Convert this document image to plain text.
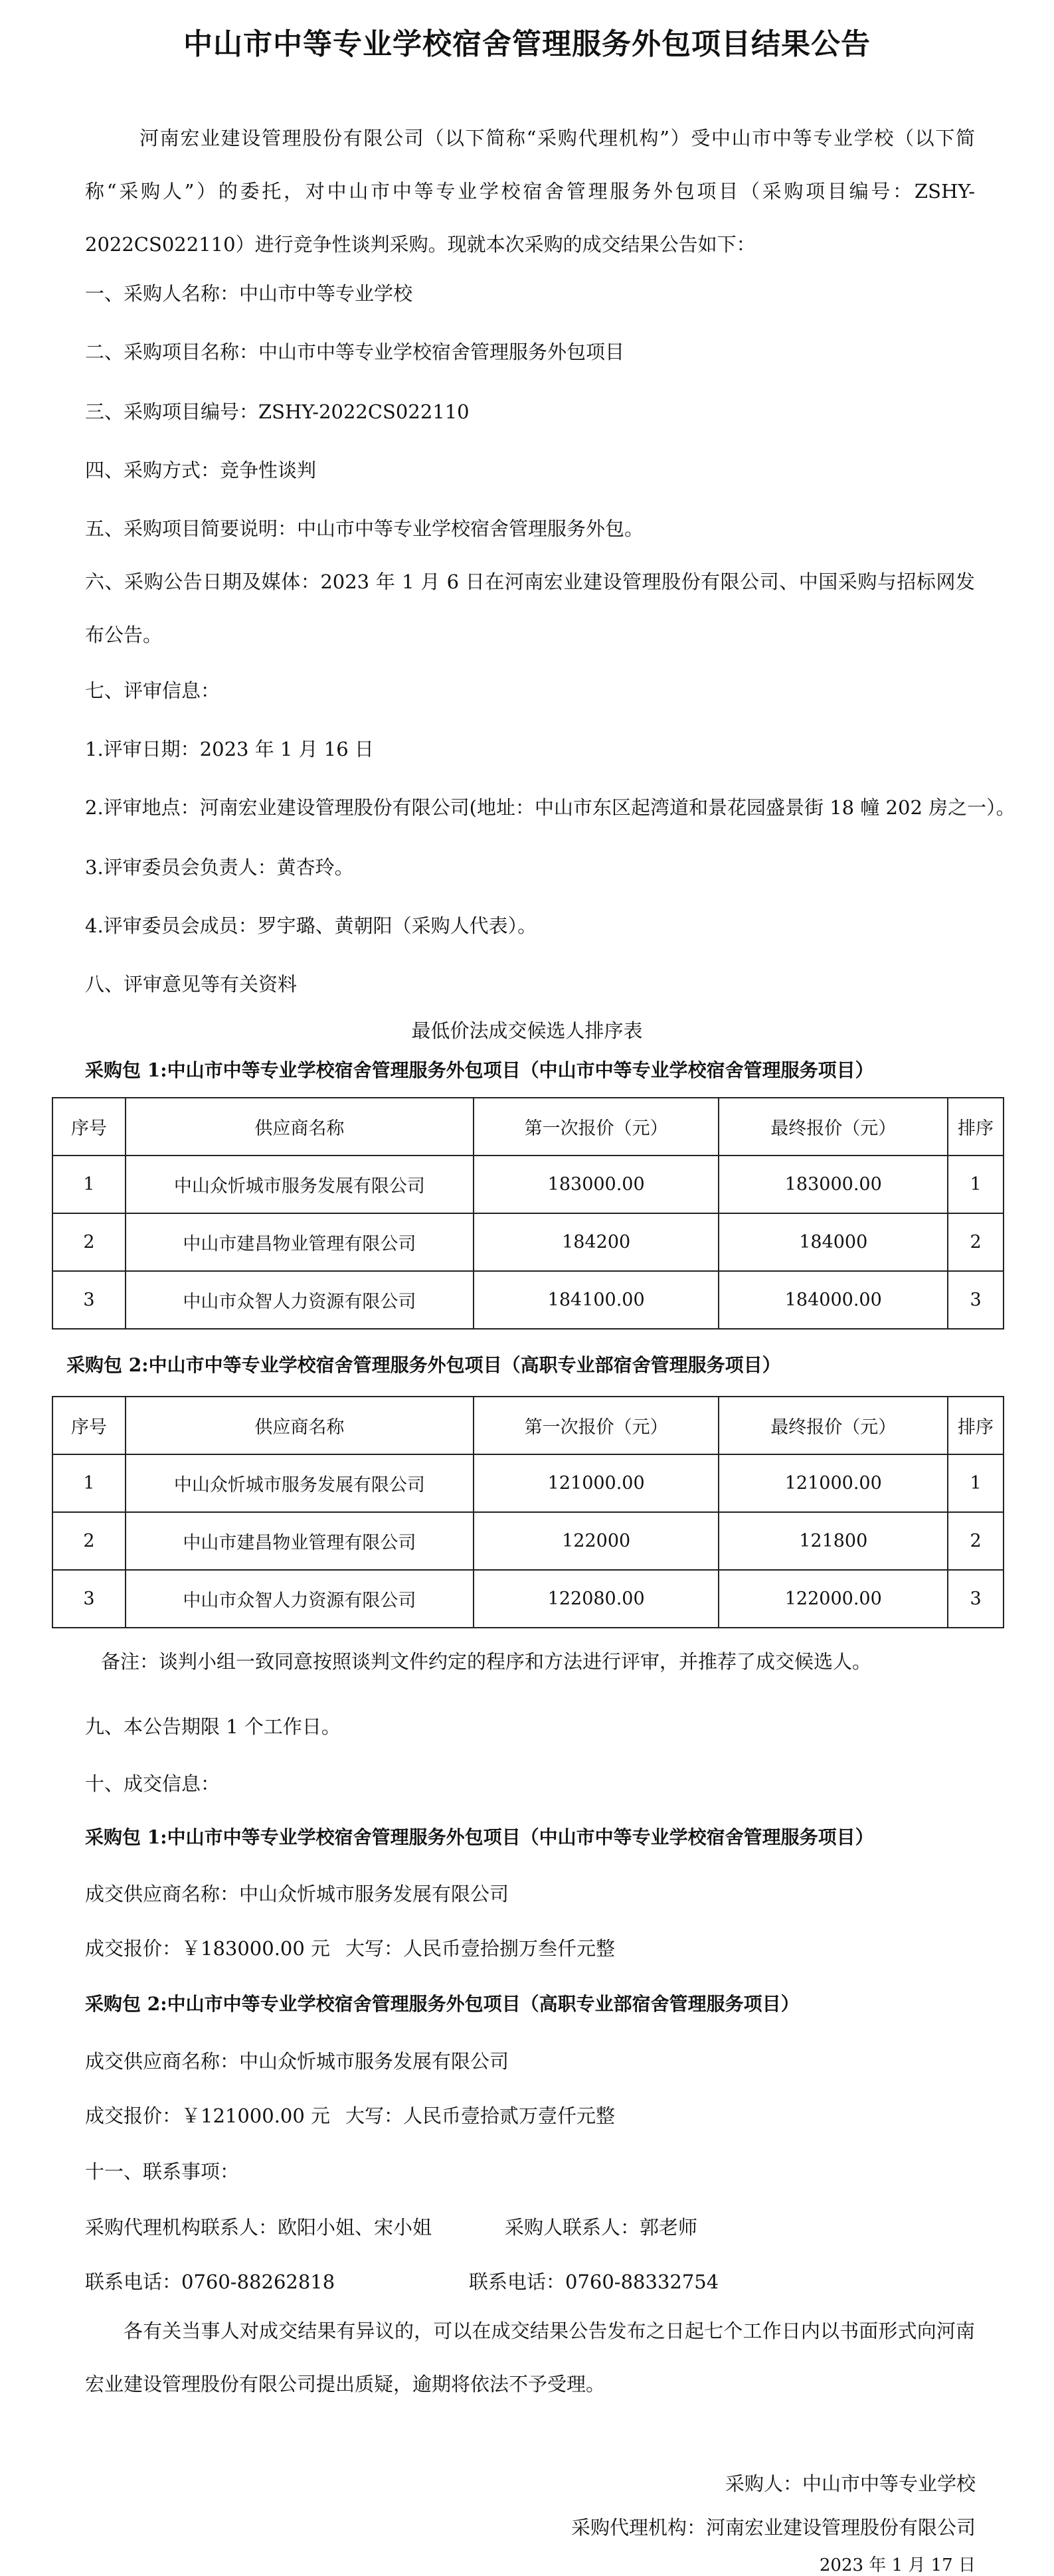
中山市中等专业学校宿舍管理服务外包项目结果公告
河南宏业建设管理股份有限公司（以下简称“采购代理机构”）受中山市中等专业学校（以下简称“采购人”）的委托，对中山市中等专业学校宿舍管理服务外包项目（采购项目编号：ZSHY-2022CS022110）进行竞争性谈判采购。现就本次采购的成交结果公告如下：
一、采购人名称：中山市中等专业学校
二、采购项目名称：中山市中等专业学校宿舍管理服务外包项目
三、采购项目编号：ZSHY-2022CS022110
四、采购方式：竞争性谈判
五、采购项目简要说明：中山市中等专业学校宿舍管理服务外包。
六、采购公告日期及媒体：2023 年 1 月 6 日在河南宏业建设管理股份有限公司、中国采购与招标网发布公告。
七、评审信息：
1.评审日期：2023 年 1 月 16 日
2.评审地点：河南宏业建设管理股份有限公司(地址：中山市东区起湾道和景花园盛景街 18 幢 202 房之一）。
3.评审委员会负责人：黄杏玲。
4.评审委员会成员：罗宇璐、黄朝阳（采购人代表）。
八、评审意见等有关资料
最低价法成交候选人排序表
采购包 1:中山市中等专业学校宿舍管理服务外包项目（中山市中等专业学校宿舍管理服务项目）
序号	供应商名称	第一次报价（元）	最终报价（元）	排序
1	中山众忻城市服务发展有限公司	183000.00	183000.00	1
2	中山市建昌物业管理有限公司	184200	184000	2
3	中山市众智人力资源有限公司	184100.00	184000.00	3
采购包 2:中山市中等专业学校宿舍管理服务外包项目（高职专业部宿舍管理服务项目）
序号	供应商名称	第一次报价（元）	最终报价（元）	排序
1	中山众忻城市服务发展有限公司	121000.00	121000.00	1
2	中山市建昌物业管理有限公司	122000	121800	2
3	中山市众智人力资源有限公司	122080.00	122000.00	3
备注：谈判小组一致同意按照谈判文件约定的程序和方法进行评审，并推荐了成交候选人。
九、本公告期限 1 个工作日。
十、成交信息：
采购包 1:中山市中等专业学校宿舍管理服务外包项目（中山市中等专业学校宿舍管理服务项目）
成交供应商名称：中山众忻城市服务发展有限公司
成交报价：￥183000.00 元 大写：人民币壹拾捌万叁仟元整
采购包 2:中山市中等专业学校宿舍管理服务外包项目（高职专业部宿舍管理服务项目）
成交供应商名称：中山众忻城市服务发展有限公司
成交报价：￥121000.00 元 大写：人民币壹拾贰万壹仟元整
十一、联系事项：
采购代理机构联系人：欧阳小姐、宋小姐	采购人联系人：郭老师
联系电话：0760-88262818	联系电话：0760-88332754
各有关当事人对成交结果有异议的，可以在成交结果公告发布之日起七个工作日内以书面形式向河南宏业建设管理股份有限公司提出质疑，逾期将依法不予受理。
采购人：中山市中等专业学校
采购代理机构：河南宏业建设管理股份有限公司
2023 年 1 月 17 日
